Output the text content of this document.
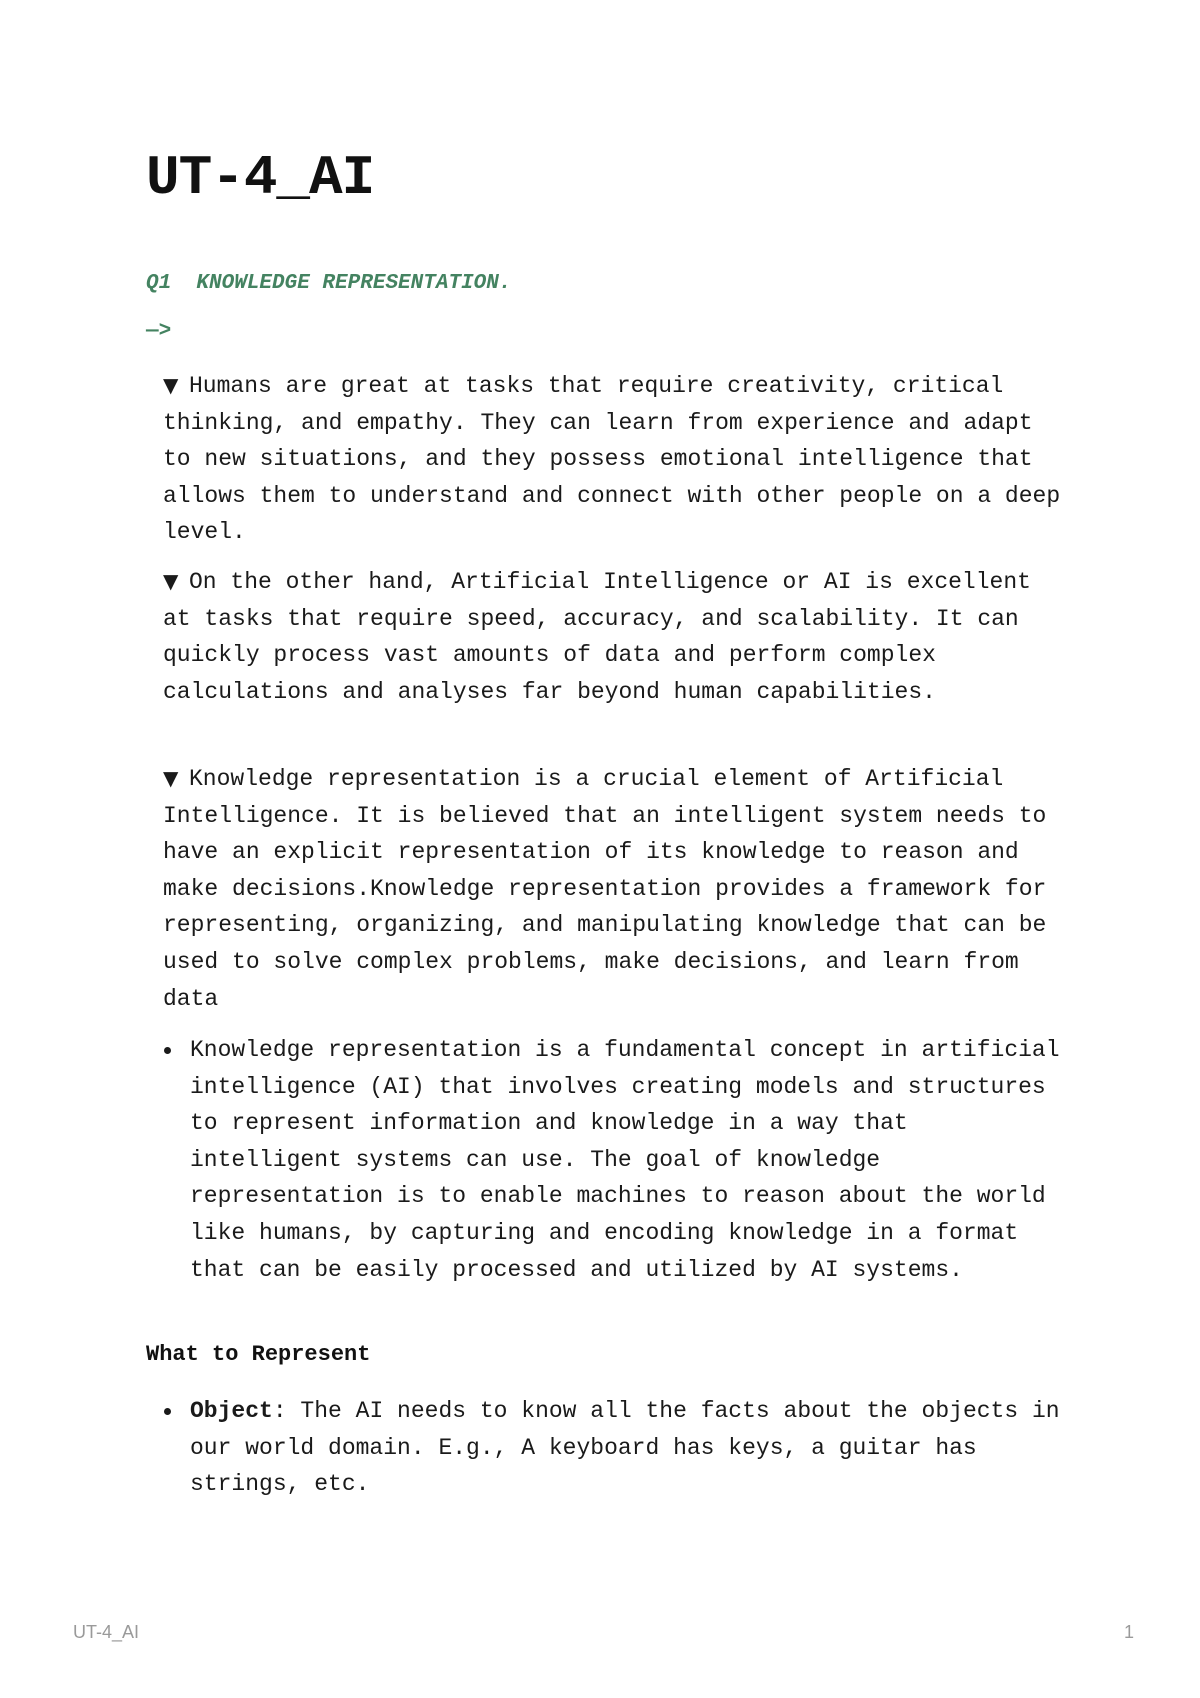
UT-4_AI

Q1  KNOWLEDGE REPRESENTATION.

—>

▼ Humans are great at tasks that require creativity, critical thinking, and empathy. They can learn from experience and adapt to new situations, and they possess emotional intelligence that allows them to understand and connect with other people on a deep level.
▼ On the other hand, Artificial Intelligence or AI is excellent at tasks that require speed, accuracy, and scalability. It can quickly process vast amounts of data and perform complex calculations and analyses far beyond human capabilities.
▼ Knowledge representation is a crucial element of Artificial Intelligence. It is believed that an intelligent system needs to have an explicit representation of its knowledge to reason and make decisions.Knowledge representation provides a framework for representing, organizing, and manipulating knowledge that can be used to solve complex problems, make decisions, and learn from data
Knowledge representation is a fundamental concept in artificial intelligence (AI) that involves creating models and structures to represent information and knowledge in a way that intelligent systems can use. The goal of knowledge representation is to enable machines to reason about the world like humans, by capturing and encoding knowledge in a format that can be easily processed and utilized by AI systems.

What to Represent

Object: The AI needs to know all the facts about the objects in our world domain. E.g., A keyboard has keys, a guitar has strings, etc.
UT-4_AI	1
